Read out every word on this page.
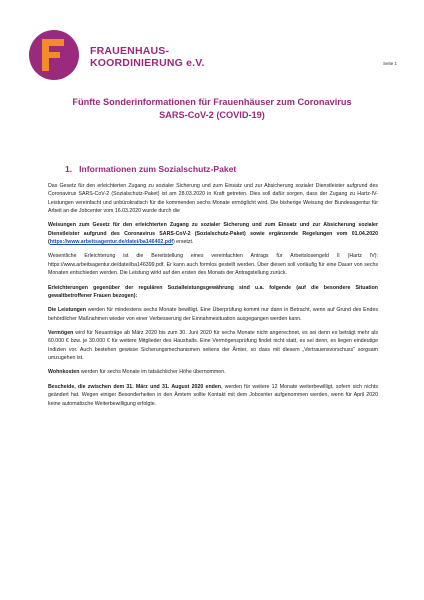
FRAUENHAUS-
KOORDINIERUNG e.V.	Seite 1
Fünfte Sonderinformationen für Frauenhäuser zum Coronavirus
SARS-CoV-2 (COVID-19)
1. Informationen zum Sozialschutz-Paket

Das Gesetz für den erleichterten Zugang zu sozialer Sicherung und zum Einsatz und zur Absicherung sozialer Dienstleister aufgrund des Coronavirus SARS-CoV-2 (Sozialschutz-Paket) ist am 28.03.2020 in Kraft getreten. Dies soll dafür sorgen, dass der Zugang zu Hartz-IV-Leistungen vereinfacht und unbürokratisch für die kommenden sechs Monate ermöglicht wird. Die bisherige Weisung der Bundesagentur für Arbeit an die Jobcenter vom 16.03.2020 wurde durch die

Weisungen zum Gesetz für den erleichterten Zugang zu sozialer Sicherung und zum Einsatz und zur Absicherung sozialer Dienstleister aufgrund des Coronavirus SARS-CoV-2 (Sozialschutz-Paket) sowie ergänzende Regelungen vom 01.04.2020 (https://www.arbeitsagentur.de/datei/ba146402.pdf) ersetzt.

Wesentliche Erleichterung ist die Bereitstellung eines vereinfachten Antrags für Arbeitslosengeld II (Hartz IV): https://www.arbeitsagentur.de/datei/ba146399.pdf. Er kann auch formlos gestellt werden. Über diesen soll vorläufig für eine Dauer von sechs Monaten entschieden werden. Die Leistung wirkt auf den ersten des Monats der Antragstellung zurück.

Erleichterungen gegenüber der regulären Sozialleistungsgewährung sind u.a. folgende (auf die besondere Situation gewaltbetroffener Frauen bezogen):

Die Leistungen werden für mindestens sechs Monate bewilligt. Eine Überprüfung kommt nur dann in Betracht, wenn auf Grund des Endes behördlicher Maßnahmen wieder von einer Verbesserung der Einnahmesituation ausgegangen werden kann.

Vermögen wird für Neuanträge ab März 2020 bis zum 30. Juni 2020 für sechs Monate nicht angerechnet, es sei denn es beträgt mehr als 60.000 € bzw. je 30.000 € für weitere Mitglieder des Haushalts. Eine Vermögensprüfung findet nicht statt, es sei denn, es liegen eindeutige Indizien vor. Auch bestehen gewisse Sicherungsmechanismen seitens der Ämter, so dass mit diesem „Vertrauensvorschuss" sorgsam umzugehen ist.

Wohnkosten werden für sechs Monate im tatsächlicher Höhe übernommen.

Bescheide, die zwischen dem 31. März und 31. August 2020 enden, werden für weitere 12 Monate weiterbewilligt, sofern sich nichts geändert hat. Wegen einiger Besonderheiten in den Ämtern sollte Kontakt mit dem Jobcenter aufgenommen werden, wenn für April 2020 keine automatische Weiterbewilligung erfolgte.
